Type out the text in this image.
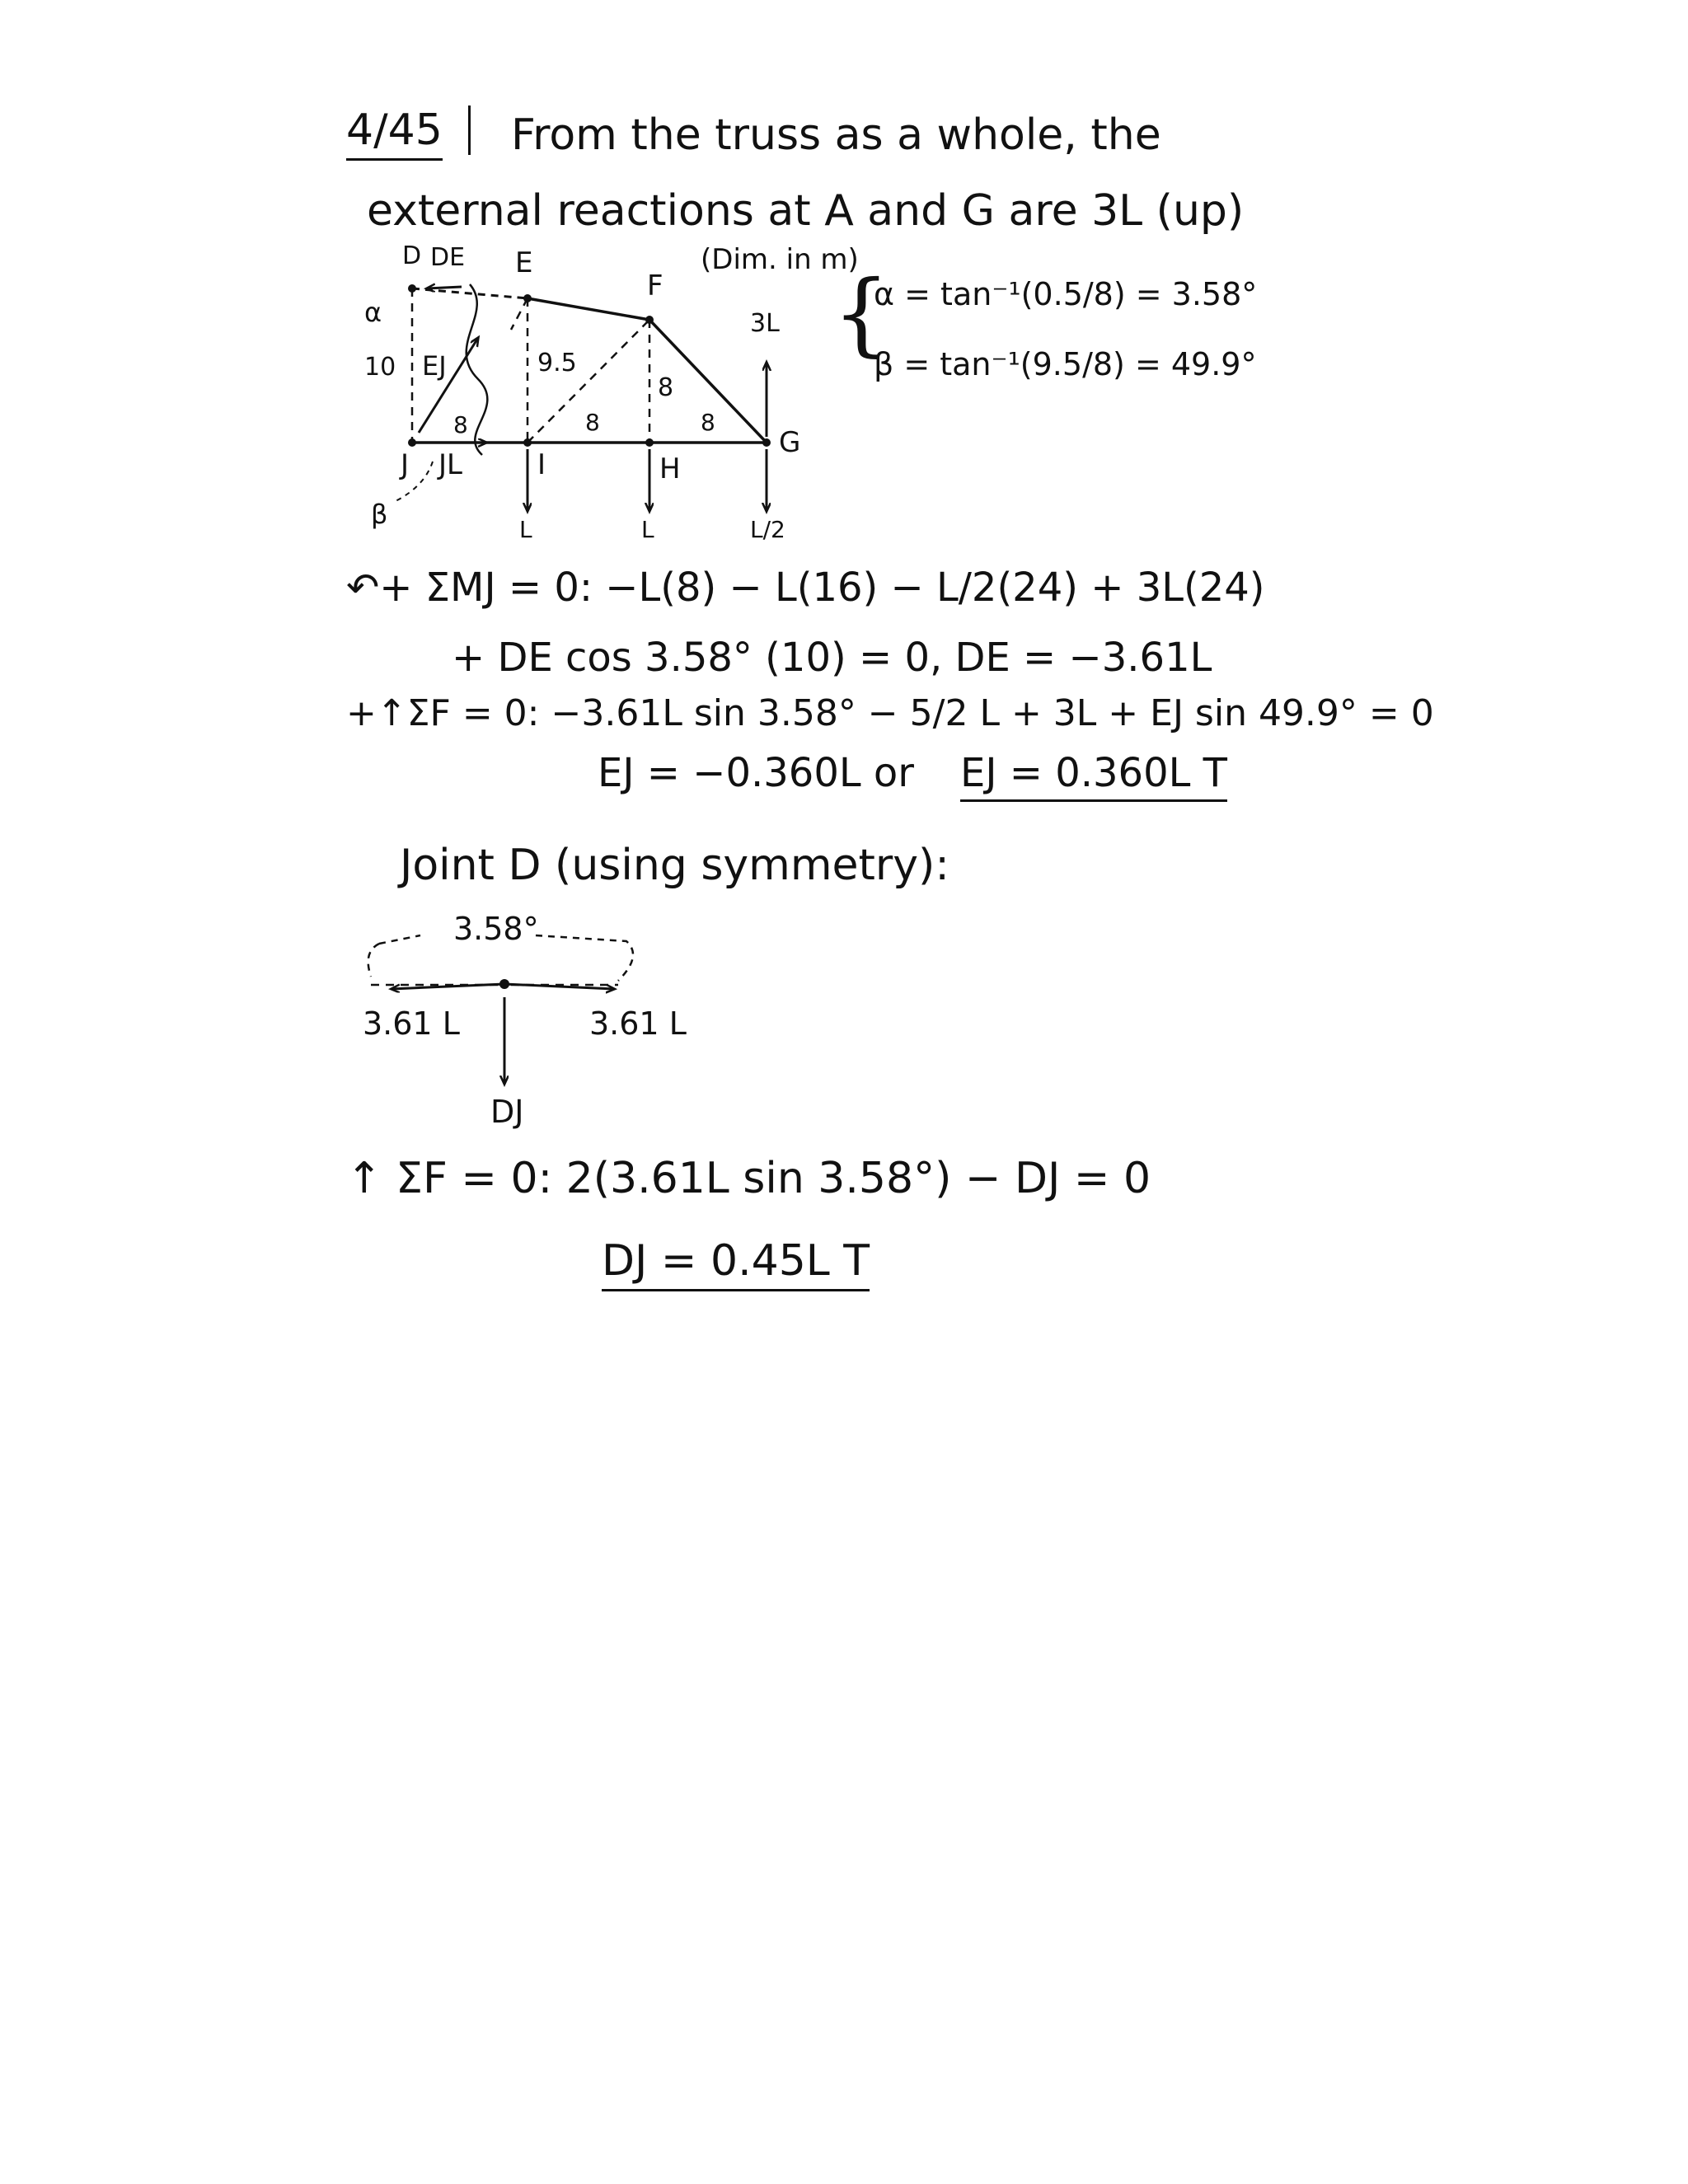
4/45 From the truss as a whole, the
external reactions at A and G are 3L (up)
D DE E
F
G
H
I
J JL
EJ
α
β
10	9.5
8
8	8	8
3L
L	L	L/2
(Dim. in m)
{
α = tan⁻¹(0.5/8) = 3.58°
β = tan⁻¹(9.5/8) = 49.9°
↶+ ΣMJ = 0: −L(8) − L(16) − L/2(24) + 3L(24)
+ DE cos 3.58° (10) = 0, DE = −3.61L
+↑ΣF = 0: −3.61L sin 3.58° − 5/2 L + 3L + EJ sin 49.9° = 0
EJ = −0.360L or EJ = 0.360L T
Joint D (using symmetry):
3.58°
3.61 L	3.61 L
DJ
↑ ΣF = 0: 2(3.61L sin 3.58°) − DJ = 0
DJ = 0.45L T
